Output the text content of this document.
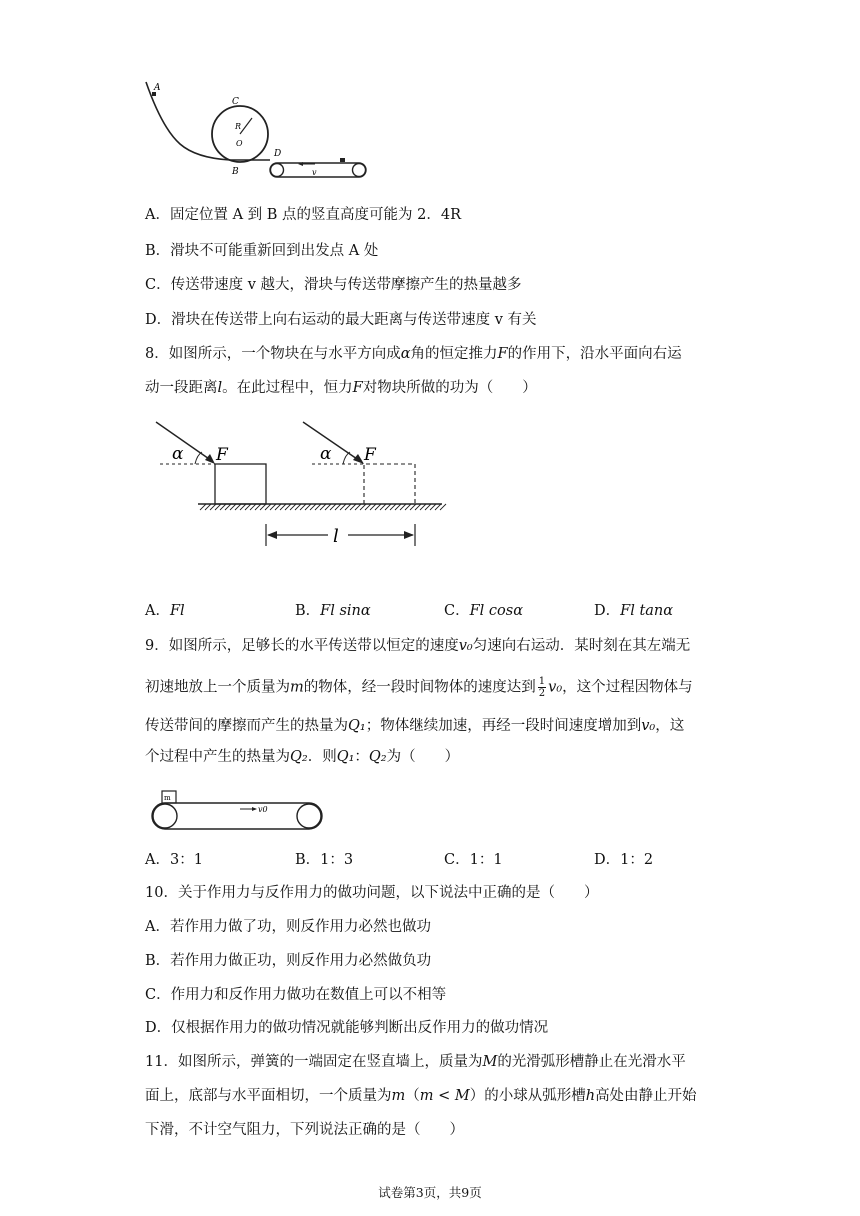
A
C
R
O
D
B	v
A．固定位置 A 到 B 点的竖直高度可能为 2．4R
B．滑块不可能重新回到出发点 A 处
C．传送带速度 v 越大，滑块与传送带摩擦产生的热量越多
D．滑块在传送带上向右运动的最大距离与传送带速度 v 有关
8．如图所示，一个物块在与水平方向成α角的恒定推力F的作用下，沿水平面向右运
动一段距离l。在此过程中，恒力F对物块所做的功为（　　）
α F	α F
l
A．Fl	B．Fl sinα	C．Fl cosα	D．Fl tanα
9．如图所示，足够长的水平传送带以恒定的速度v₀匀速向右运动．某时刻在其左端无
初速地放上一个质量为m的物体，经一段时间物体的速度达到 $\frac{1}{2} v_0$，这个过程因物体与
传送带间的摩擦而产生的热量为Q₁；物体继续加速，再经一段时间速度增加到v₀，这
个过程中产生的热量为Q₂．则Q₁：Q₂为（　　）
m
v0
A．3：1	B．1：3	C．1：1	D．1：2
10．关于作用力与反作用力的做功问题，以下说法中正确的是（　　）
A．若作用力做了功，则反作用力必然也做功
B．若作用力做正功，则反作用力必然做负功
C．作用力和反作用力做功在数值上可以不相等
D．仅根据作用力的做功情况就能够判断出反作用力的做功情况
11．如图所示，弹簧的一端固定在竖直墙上，质量为M的光滑弧形槽静止在光滑水平
面上，底部与水平面相切，一个质量为m（m < M）的小球从弧形槽h高处由静止开始
下滑，不计空气阻力，下列说法正确的是（　　）
试卷第3页，共9页
